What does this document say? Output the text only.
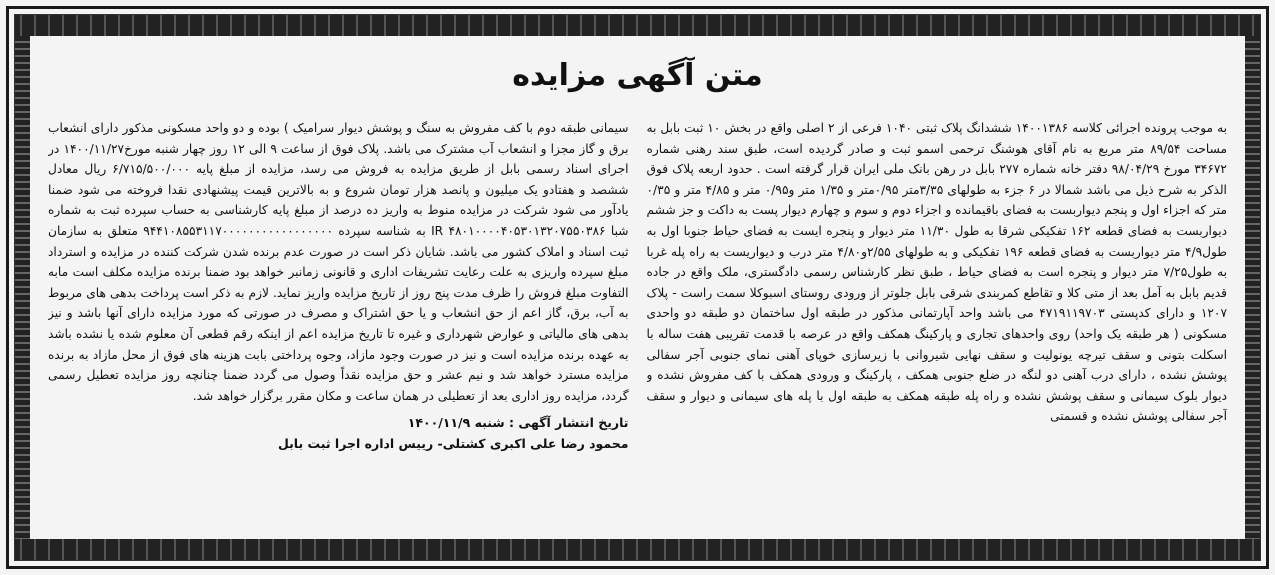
متن آگهی مزایده

به موجب پرونده اجرائی کلاسه ۱۴۰۰۱۳۸۶ ششدانگ پلاک ثبتی ۱۰۴۰ فرعی از ۲ اصلی واقع در بخش ۱۰ ثبت بابل به مساحت ۸۹/۵۴ متر مربع به نام آقای هوشنگ ترحمی اسمو ثبت و صادر گردیده است، طبق سند رهنی شماره ۳۴۶۷۲ مورخ ۹۸/۰۴/۲۹ دفتر خانه شماره ۲۷۷ بابل در رهن بانک ملی ایران قرار گرفته است . حدود اربعه پلاک فوق الذکر به شرح ذیل می باشد شمالا در ۶ جزء به طولهای ۳/۳۵متر ۰/۹۵متر و ۱/۳۵ متر و۰/۹۵ متر و ۴/۸۵ متر و ۰/۳۵ متر که اجزاء اول و پنجم دیواربست به فضای باقیمانده و اجزاء دوم و سوم و چهارم دیوار پست به داکت و جز ششم دیواربست به فضای قطعه ۱۶۲ تفکیکی شرقا به طول ۱۱/۳۰ متر دیوار و پنجره ایست به فضای حیاط جنوبا اول به طول۴/۹ متر دیواربست به فضای قطعه ۱۹۶ تفکیکی و به طولهای ۲/۵۵و۴/۸۰ متر درب و دیواریست به راه پله غربا به طول۷/۲۵ متر دیوار و پنجره است به فضای حیاط ، طبق نظر کارشناس رسمی دادگستری، ملک واقع در جاده قدیم بابل به آمل بعد از متی کلا و تقاطع کمربندی شرقی بابل جلوتر از ورودی روستای اسبوکلا سمت راست - پلاک ۱۲۰۷ و دارای کدپستی ۴۷۱۹۱۱۹۷۰۳ می باشد واحد آپارتمانی مذکور در طبقه اول ساختمان دو طبقه دو واحدی مسکونی ( هر طبقه یک واحد) روی واحدهای تجاری و پارکینگ همکف واقع در عرصه با قدمت تقریبی هفت ساله با اسکلت بتونی و سقف تیرچه یونولیت و سقف نهایی شیروانی با زیرسازی خوپای آهنی نمای جنوبی آجر سفالی پوشش نشده ، دارای درب آهنی دو لنگه در ضلع جنوبی همکف ، پارکینگ و ورودی همکف با کف مفروش نشده و دیوار بلوک سیمانی و سقف پوشش نشده و راه پله طبقه همکف به طبقه اول با پله های سیمانی و دیوار و سقف آجر سفالی پوشش نشده و قسمتی

سیمانی طبقه دوم با کف مفروش به سنگ و پوشش دیوار سرامیک ) بوده و دو واحد مسکونی مذکور دارای انشعاب برق و گاز مجزا و انشعاب آب مشترک می باشد. پلاک فوق از ساعت ۹ الی ۱۲ روز چهار شنبه مورخ۱۴۰۰/۱۱/۲۷ در اجرای اسناد رسمی بابل از طریق مزایده به فروش می رسد، مزایده از مبلغ پایه ۶/۷۱۵/۵۰۰/۰۰۰ ریال معادل ششصد و هفتادو یک میلیون و پانصد هزار تومان شروع و به بالاترین قیمت پیشنهادی نقدا فروخته می شود ضمنا یادآور می شود شرکت در مزایده منوط به واریز ده درصد از مبلغ پایه کارشناسی به حساب سپرده ثبت به شماره شبا IR ۴۸۰۱۰۰۰۰۴۰۵۳۰۱۳۲۰۷۵۵۰۳۸۶ به شناسه سپرده ۹۴۴۱۰۸۵۵۳۱۱۷۰۰۰۰۰۰۰۰۰۰۰۰۰۰۰۰۰ متعلق به سازمان ثبت اسناد و املاک کشور می باشد. شایان ذکر است در صورت عدم برنده شدن شرکت کننده در مزایده و استرداد مبلغ سپرده واریزی به علت رعایت تشریفات اداری و قانونی زمانبر خواهد بود ضمنا برنده مزایده مکلف است مابه التفاوت مبلغ فروش را ظرف مدت پنج روز از تاریخ مزایده واریز نماید. لازم به ذکر است پرداخت بدهی های مربوط به آب، برق، گاز اعم از حق انشعاب و یا حق اشتراک و مصرف در صورتی که مورد مزایده دارای آنها باشد و نیز بدهی های مالیاتی و عوارض شهرداری و غیره تا تاریخ مزایده اعم از اینکه رقم قطعی آن معلوم شده یا نشده باشد به عهده برنده مزایده است و نیز در صورت وجود مازاد، وجوه پرداختی بابت هزینه های فوق از محل مازاد به برنده مزایده مسترد خواهد شد و نیم عشر و حق مزایده نقداً وصول می گردد ضمنا چنانچه روز مزایده تعطیل رسمی گردد، مزایده روز اداری بعد از تعطیلی در همان ساعت و مکان مقرر برگزار خواهد شد.

تاریخ انتشار آگهی : شنبه ۱۴۰۰/۱۱/۹
محمود رضا علی اکبری کشتلی- رییس اداره اجرا ثبت بابل
